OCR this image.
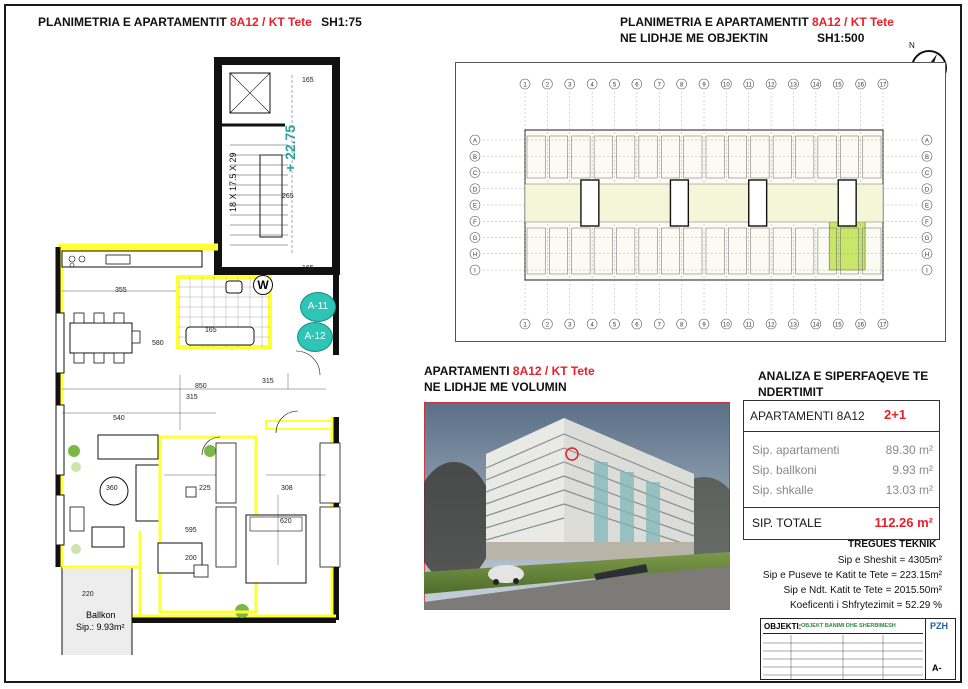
PLANIMETRIA E APARTAMENTIT 8A12 / KT Tete SH1:75	PLANIMETRIA E APARTAMENTIT 8A12 / KT Tete
NE LIDHJE ME OBJEKTIN	SH1:500
APARTAMENTI 8A12 / KT Tete
NE LIDHJE ME VOLUMIN
ANALIZA E SIPERFAQEVE TE
NDERTIMIT
N
+ 22.75
18 X 17.5 X 29
W
A-11
A-12
355
580
850
315
165
165
165
265
540
220
360	225	308
620
595
315
200
Ballkon
Sip.: 9.93m²
1
1
2
2
3
3
4
4
5
5
6
6
7
7
8
8
9
9
10
10
11
11
12
12
13
13
14
14
15
15
16
16
17
17
A	A
B	B
C	C
D	D
E	E
F	F
G	G
H	H
I	I
APARTAMENTI 8A12 2+1
Sip. apartamenti	89.30 m²
Sip. ballkoni	9.93 m²
Sip. shkalle	13.03 m²
SIP. TOTALE	112.26 m²
TREGUES TEKNIK
Sip e Sheshit = 4305m²
Sip e Puseve te Katit te Tete = 223.15m²
Sip e Ndt. Katit te Tete = 2015.50m²
Koeficenti i Shfrytezimit = 52.29 %
OBJEKTI: OBJEKT BANIMI DHE SHERBIMESH	PZH
A-
